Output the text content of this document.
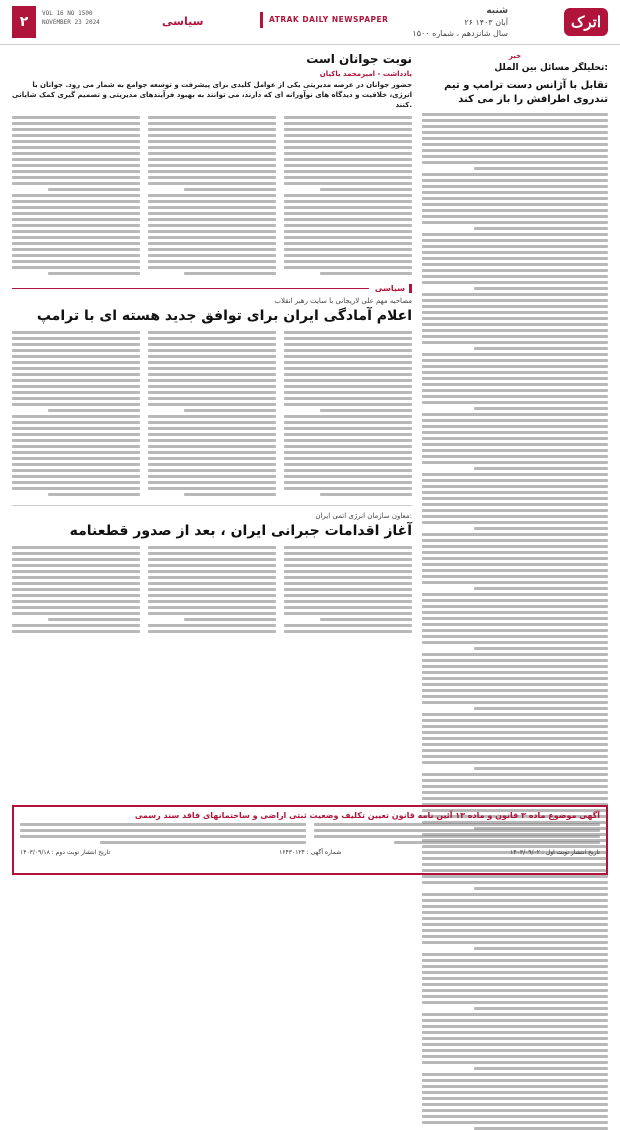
۲
VOL 16 NO 1500
NOVEMBER 23 2024	سیاسی	ATRAK DAILY NEWSPAPER
شنبه
۲۶ آبان ۱۴۰۳
سال شانزدهم ، شماره ۱۵۰۰
اترک
خبر
تحلیلگر مسائل بین الملل:
تقابل با آژانس دست ترامپ و تیم تندروی اطرافش را باز می کند
نوبت جوانان است
یادداشت - امیرمحمد باکیان
حضور جوانان در عرصه مدیریتی یکی از عوامل کلیدی برای پیشرفت و توسعه جوامع به شمار می رود. جوانان با انرژی، خلاقیت و دیدگاه های نوآورانه ای که دارند، می توانند به بهبود فرآیندهای مدیریتی و تصمیم گیری کمک شایانی کنند.
سیاسی
مصاحبه مهم علی لاریجانی با سایت رهبر انقلاب
اعلام آمادگی ایران برای توافق جدید هسته ای با ترامپ
معاون سازمان انرژی اتمی ایران:
آغاز اقدامات جبرانی ایران ، بعد از صدور قطعنامه
آگهی موضوع ماده ۳ قانون و ماده ۱۳ آئین نامه قانون تعیین تکلیف وضعیت ثبتی اراضی و ساختمانهای فاقد سند رسمی
تاریخ انتشار نوبت دوم : ۱۴۰۳/۰۹/۱۸	شماره آگهی : ۱۶۴۳۰۱۲۴	تاریخ انتشار نوبت اول : ۱۴۰۳/۰۹/۰۲
